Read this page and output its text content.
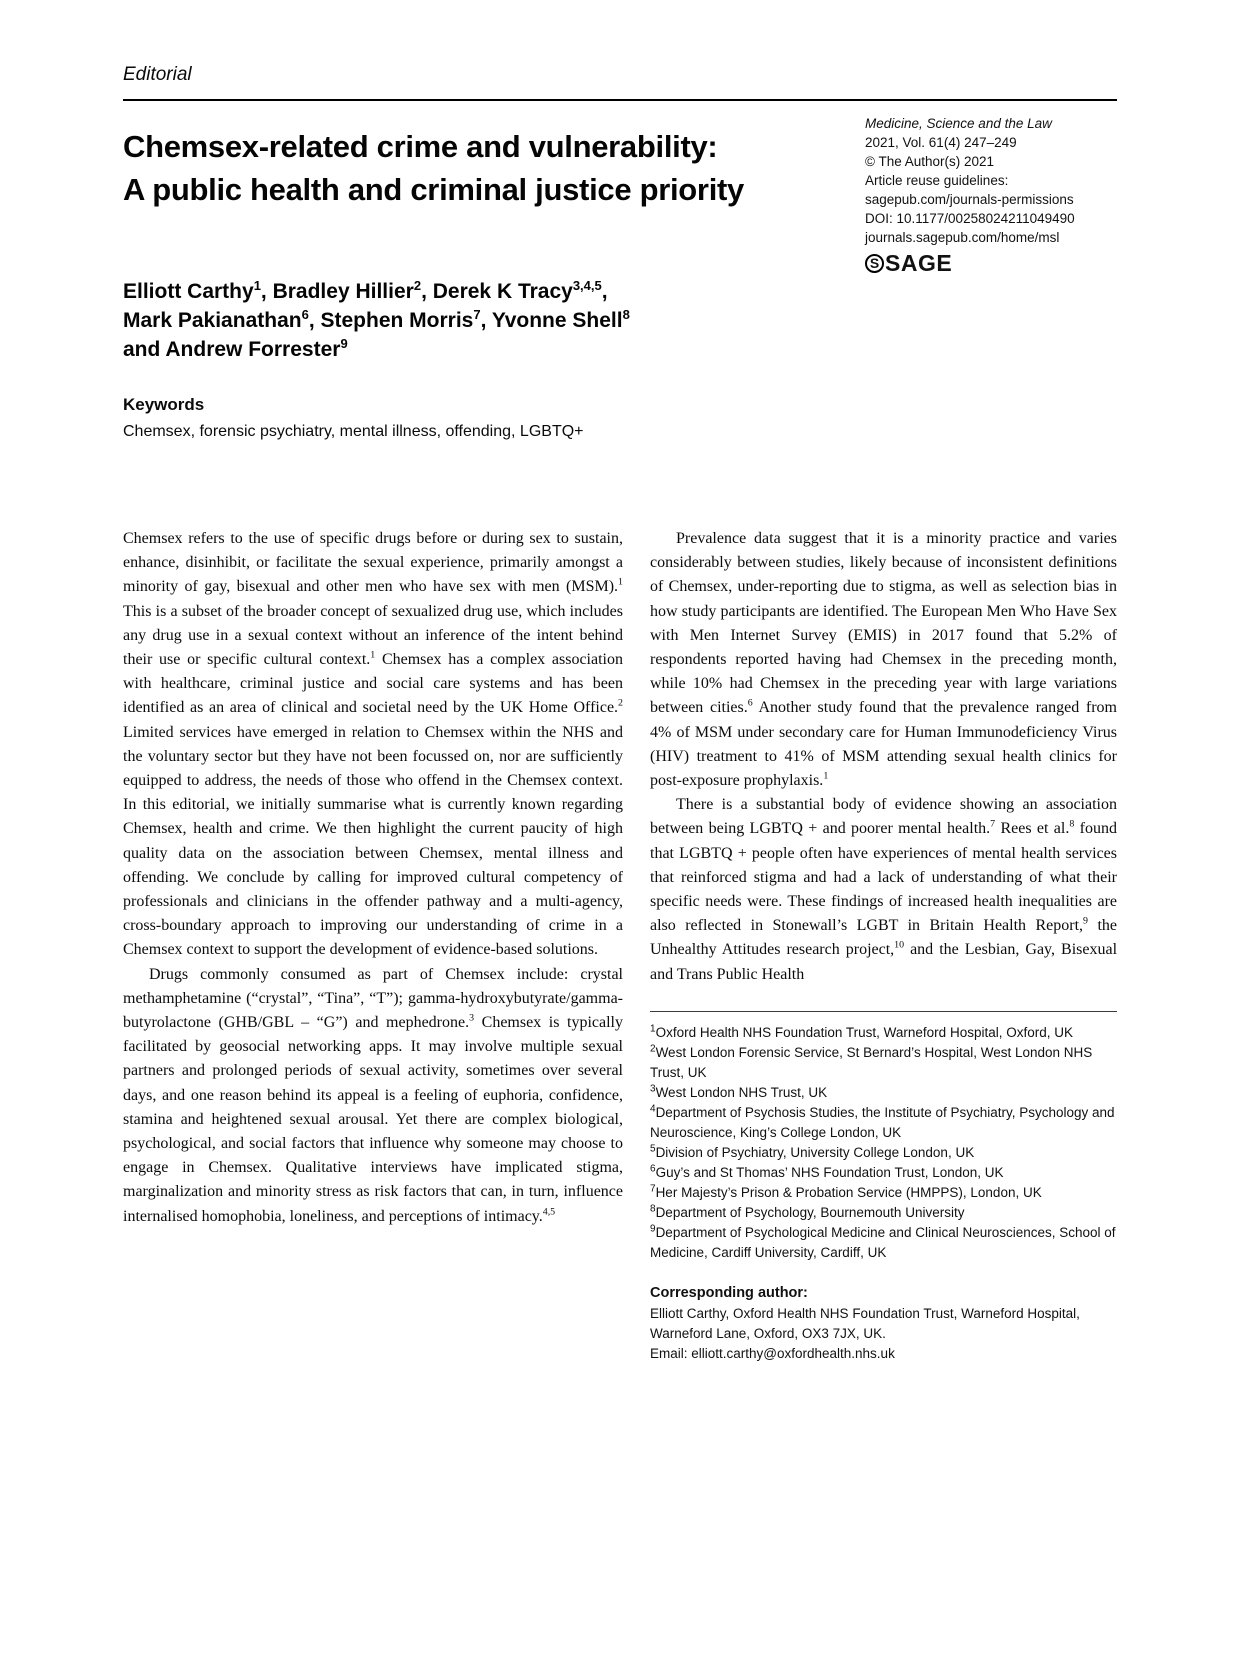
Editorial
Chemsex-related crime and vulnerability:
A public health and criminal justice priority
Medicine, Science and the Law
2021, Vol. 61(4) 247–249
© The Author(s) 2021
Article reuse guidelines:
sagepub.com/journals-permissions
DOI: 10.1177/00258024211049490
journals.sagepub.com/home/msl
S SAGE
Elliott Carthy$^1$, Bradley Hillier$^2$, Derek K Tracy$^{3,4,5}$,
Mark Pakianathan$^6$, Stephen Morris$^7$, Yvonne Shell$^8$
and Andrew Forrester$^9$
Keywords
Chemsex, forensic psychiatry, mental illness, offending, LGBTQ+

Chemsex refers to the use of specific drugs before or during sex to sustain, enhance, disinhibit, or facilitate the sexual experience, primarily amongst a minority of gay, bisexual and other men who have sex with men (MSM).$^1$ This is a subset of the broader concept of sexualized drug use, which includes any drug use in a sexual context without an inference of the intent behind their use or specific cultural context.$^1$ Chemsex has a complex association with healthcare, criminal justice and social care systems and has been identified as an area of clinical and societal need by the UK Home Office.$^2$ Limited services have emerged in relation to Chemsex within the NHS and the voluntary sector but they have not been focussed on, nor are sufficiently equipped to address, the needs of those who offend in the Chemsex context. In this editorial, we initially summarise what is currently known regarding Chemsex, health and crime. We then highlight the current paucity of high quality data on the association between Chemsex, mental illness and offending. We conclude by calling for improved cultural competency of professionals and clinicians in the offender pathway and a multi-agency, cross-boundary approach to improving our understanding of crime in a Chemsex context to support the development of evidence-based solutions.

Drugs commonly consumed as part of Chemsex include: crystal methamphetamine (“crystal”, “Tina”, “T”); gamma-hydroxybutyrate/gamma-butyrolactone (GHB/GBL – “G”) and mephedrone.$^3$ Chemsex is typically facilitated by geosocial networking apps. It may involve multiple sexual partners and prolonged periods of sexual activity, sometimes over several days, and one reason behind its appeal is a feeling of euphoria, confidence, stamina and heightened sexual arousal. Yet there are complex biological, psychological, and social factors that influence why someone may choose to engage in Chemsex. Qualitative interviews have implicated stigma, marginalization and minority stress as risk factors that can, in turn, influence internalised homophobia, loneliness, and perceptions of intimacy.$^{4,5}$

Prevalence data suggest that it is a minority practice and varies considerably between studies, likely because of inconsistent definitions of Chemsex, under-reporting due to stigma, as well as selection bias in how study participants are identified. The European Men Who Have Sex with Men Internet Survey (EMIS) in 2017 found that 5.2% of respondents reported having had Chemsex in the preceding month, while 10% had Chemsex in the preceding year with large variations between cities.$^6$ Another study found that the prevalence ranged from 4% of MSM under secondary care for Human Immunodeficiency Virus (HIV) treatment to 41% of MSM attending sexual health clinics for post-exposure prophylaxis.$^1$

There is a substantial body of evidence showing an association between being LGBTQ + and poorer mental health.$^7$ Rees et al.$^8$ found that LGBTQ + people often have experiences of mental health services that reinforced stigma and had a lack of understanding of what their specific needs were. These findings of increased health inequalities are also reflected in Stonewall’s LGBT in Britain Health Report,$^9$ the Unhealthy Attitudes research project,$^{10}$ and the Lesbian, Gay, Bisexual and Trans Public Health

$^1$Oxford Health NHS Foundation Trust, Warneford Hospital, Oxford, UK
$^2$West London Forensic Service, St Bernard’s Hospital, West London NHS Trust, UK
$^3$West London NHS Trust, UK
$^4$Department of Psychosis Studies, the Institute of Psychiatry, Psychology and Neuroscience, King’s College London, UK
$^5$Division of Psychiatry, University College London, UK
$^6$Guy’s and St Thomas’ NHS Foundation Trust, London, UK
$^7$Her Majesty’s Prison & Probation Service (HMPPS), London, UK
$^8$Department of Psychology, Bournemouth University
$^9$Department of Psychological Medicine and Clinical Neurosciences, School of Medicine, Cardiff University, Cardiff, UK
Corresponding author:
Elliott Carthy, Oxford Health NHS Foundation Trust, Warneford Hospital, Warneford Lane, Oxford, OX3 7JX, UK.
Email: elliott.carthy@oxfordhealth.nhs.uk
